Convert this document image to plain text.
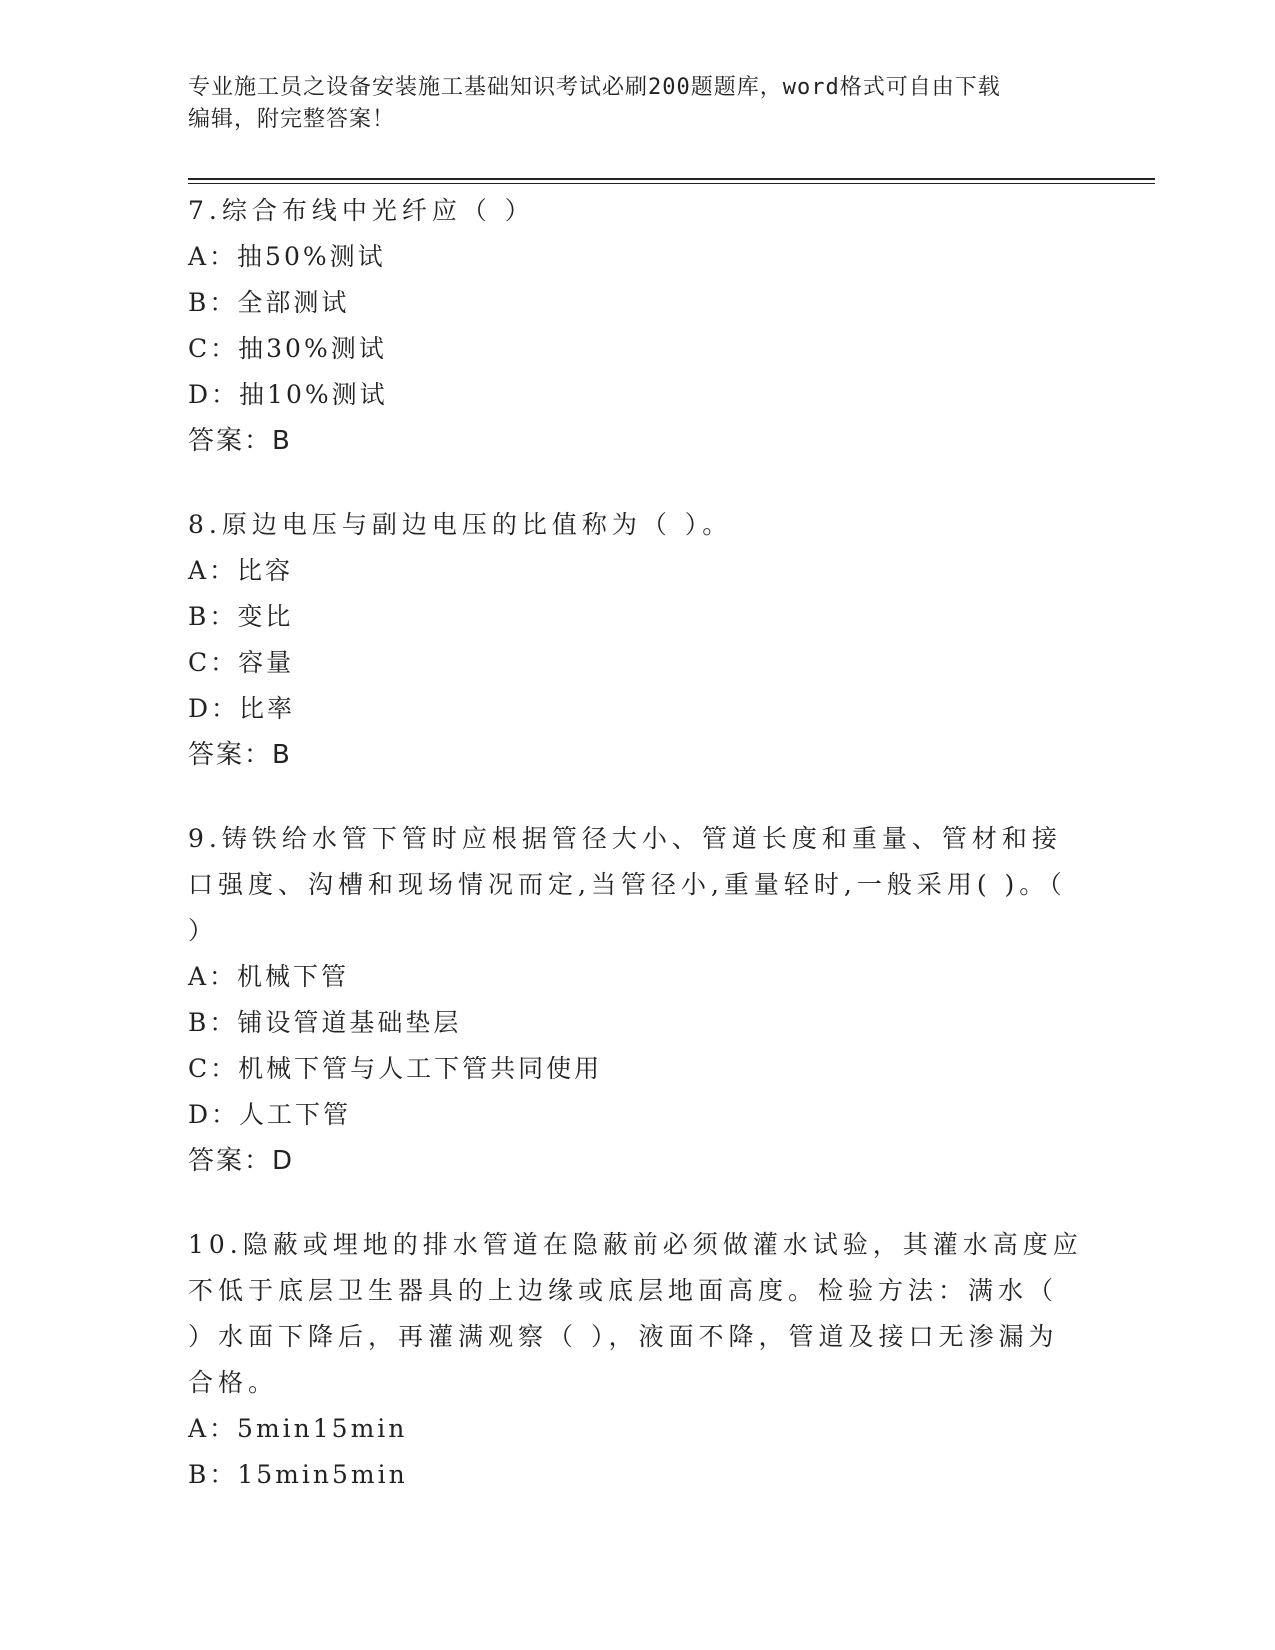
专业施工员之设备安装施工基础知识考试必刷200题题库，word格式可自由下载
编辑，附完整答案！

7.综合布线中光纤应（ ）

A：抽50%测试

B：全部测试

C：抽30%测试

D：抽10%测试

答案：B

8.原边电压与副边电压的比值称为（ ）。

A：比容

B：变比

C：容量

D：比率

答案：B

9.铸铁给水管下管时应根据管径大小、管道长度和重量、管材和接口强度、沟槽和现场情况而定,当管径小,重量轻时,一般采用( )。（ ）

A：机械下管

B：铺设管道基础垫层

C：机械下管与人工下管共同使用

D：人工下管

答案：D

10.隐蔽或埋地的排水管道在隐蔽前必须做灌水试验，其灌水高度应不低于底层卫生器具的上边缘或底层地面高度。检验方法：满水（ ）水面下降后，再灌满观察（ ），液面不降，管道及接口无渗漏为合格。

A：5min15min

B：15min5min
